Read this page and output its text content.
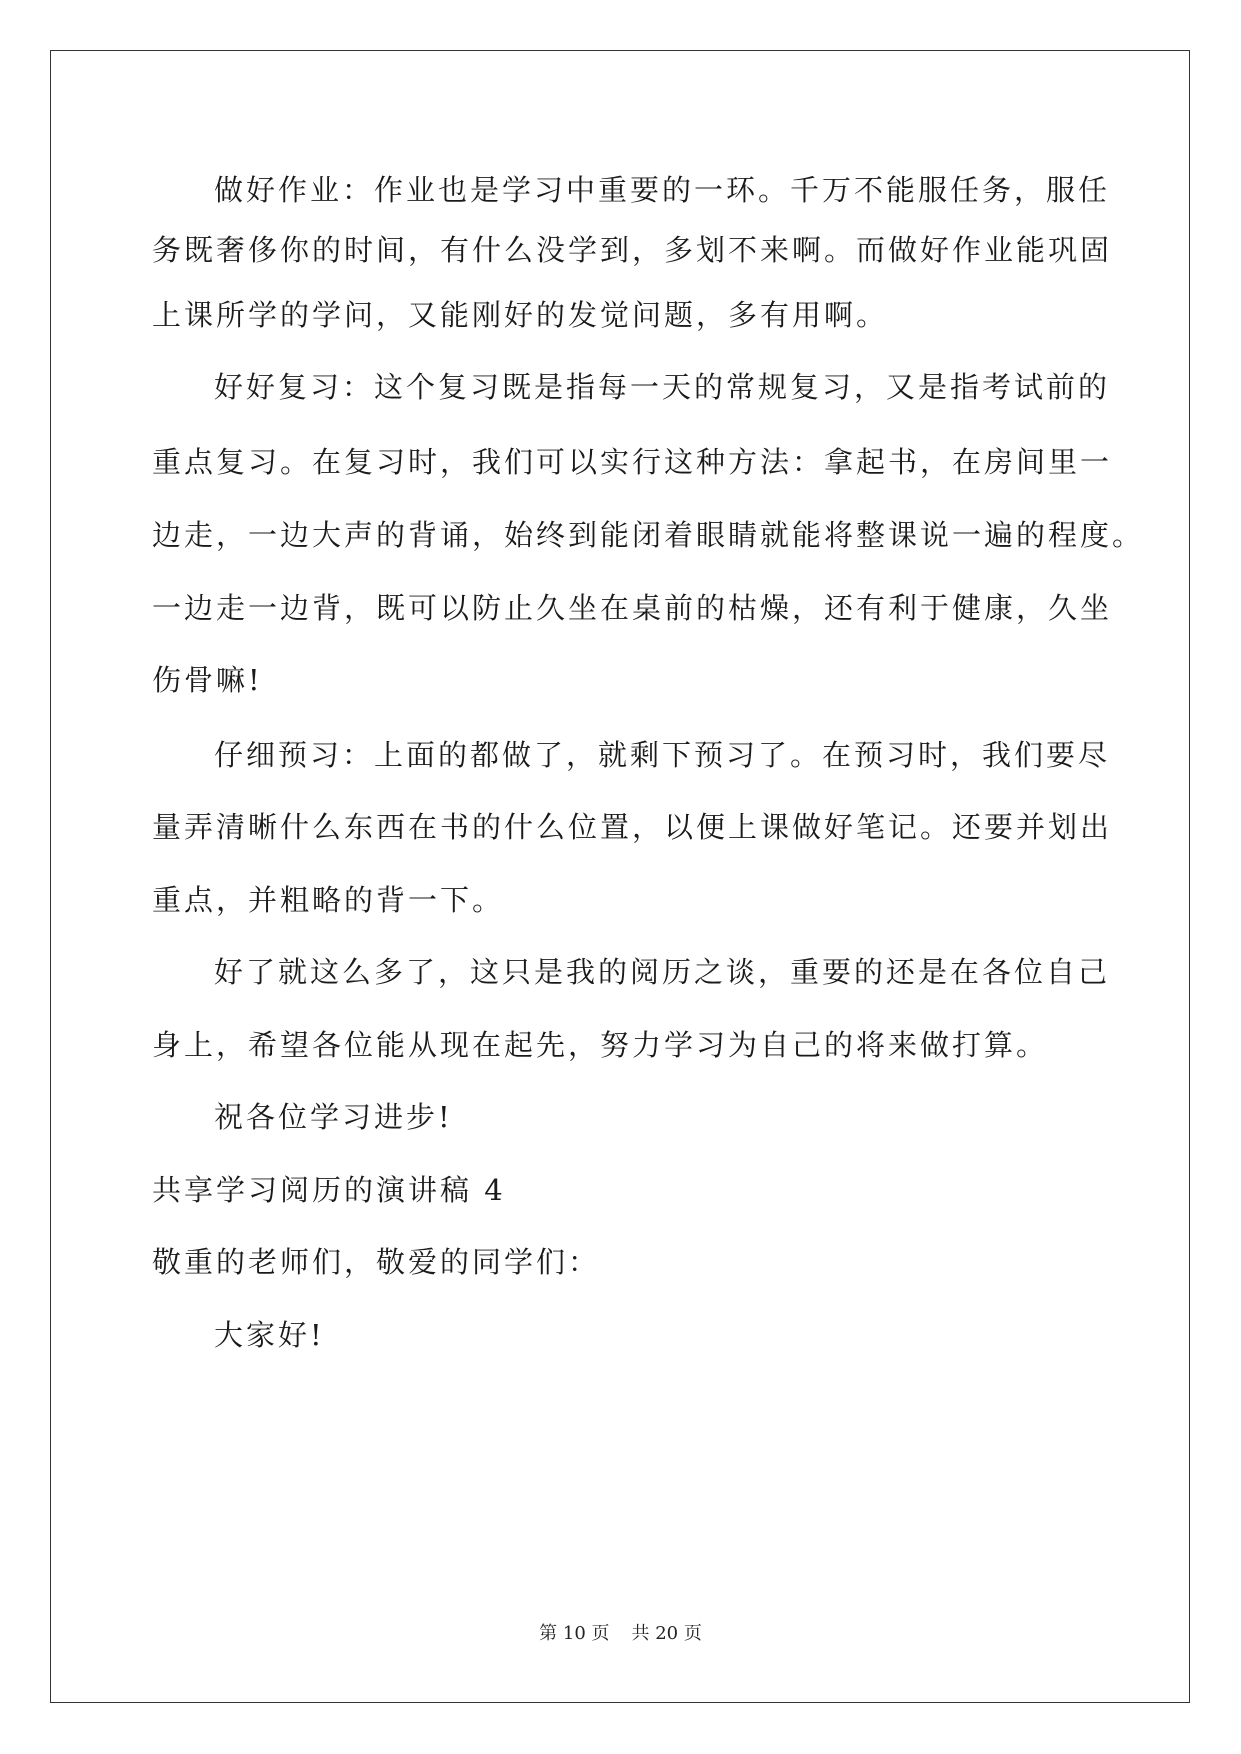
做好作业：作业也是学习中重要的一环。千万不能服任务，服任
务既奢侈你的时间，有什么没学到，多划不来啊。而做好作业能巩固
上课所学的学问，又能刚好的发觉问题，多有用啊。
好好复习：这个复习既是指每一天的常规复习，又是指考试前的
重点复习。在复习时，我们可以实行这种方法：拿起书，在房间里一
边走，一边大声的背诵，始终到能闭着眼睛就能将整课说一遍的程度。
一边走一边背，既可以防止久坐在桌前的枯燥，还有利于健康，久坐
伤骨嘛!
仔细预习：上面的都做了，就剩下预习了。在预习时，我们要尽
量弄清晰什么东西在书的什么位置，以便上课做好笔记。还要并划出
重点，并粗略的背一下。
好了就这么多了，这只是我的阅历之谈，重要的还是在各位自己
身上，希望各位能从现在起先，努力学习为自己的将来做打算。
祝各位学习进步!
共享学习阅历的演讲稿 4
敬重的老师们，敬爱的同学们：
大家好!
第 10 页 共 20 页
